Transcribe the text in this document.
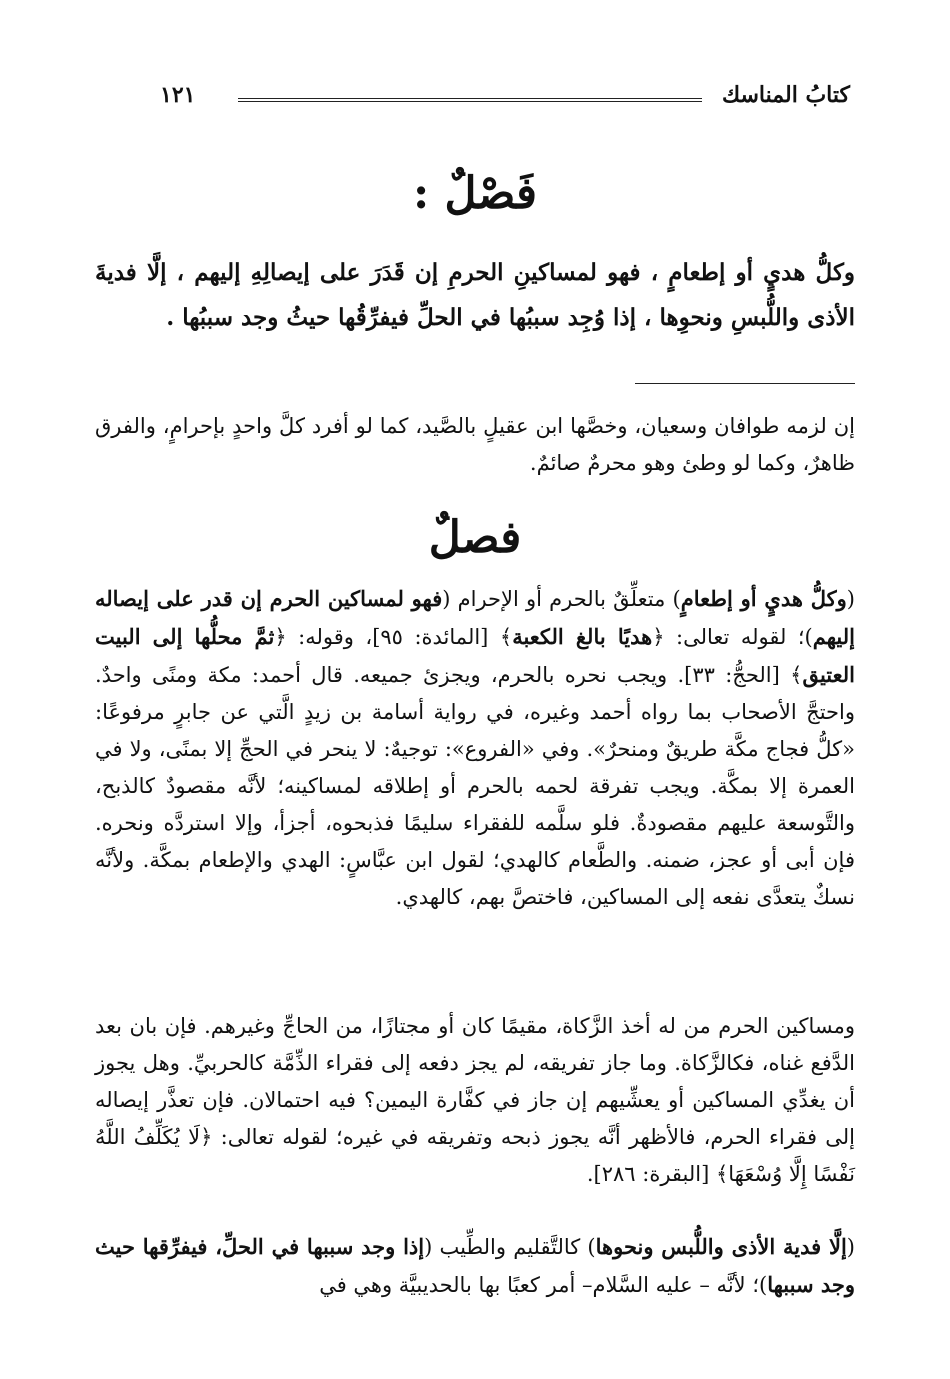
كتابُ المناسك
١٢١
فَصْلٌ :
وكلُّ هديٍ أو إطعامٍ ، فهو لمساكينِ الحرمِ إن قَدَرَ على إيصالِهِ إليهم ، إلَّا فديةَ الأذى واللُّبسِ ونحوِها ، إذا وُجِد سببُها في الحلِّ فيفرِّقُها حيثُ وجد سببُها .
إن لزمه طوافان وسعيان، وخصَّها ابن عقيلٍ بالصَّيد، كما لو أفرد كلَّ واحدٍ بإحرامٍ، والفرق ظاهرٌ، وكما لو وطئ وهو محرمٌ صائمٌ.
فصلٌ
(وكلُّ هديٍ أو إطعامٍ) متعلِّقٌ بالحرم أو الإحرام (فهو لمساكين الحرم إن قدر على إيصاله إليهم)؛ لقوله تعالى: ﴿هديًا بالغ الكعبة﴾ [المائدة: ٩٥]، وقوله: ﴿ثمَّ محلُّها إلى البيت العتيق﴾ [الحجُّ: ٣٣]. ويجب نحره بالحرم، ويجزئ جميعه. قال أحمد: مكة ومنًى واحدٌ. واحتجَّ الأصحاب بما رواه أحمد وغيره، في رواية أسامة بن زيدٍ الَّتي عن جابرٍ مرفوعًا: «كلُّ فجاج مكَّة طريقٌ ومنحرٌ». وفي «الفروع»: توجيهٌ: لا ينحر في الحجِّ إلا بمنًى، ولا في العمرة إلا بمكَّة. ويجب تفرقة لحمه بالحرم أو إطلاقه لمساكينه؛ لأنَّه مقصودٌ كالذبح، والتَّوسعة عليهم مقصودةٌ. فلو سلَّمه للفقراء سليمًا فذبحوه، أجزأ، وإلا استردَّه ونحره. فإن أبى أو عجز، ضمنه. والطَّعام كالهدي؛ لقول ابن عبَّاسٍ: الهدي والإطعام بمكَّة. ولأنَّه نسكٌ يتعدَّى نفعه إلى المساكين، فاختصَّ بهم، كالهدي.
ومساكين الحرم من له أخذ الزَّكاة، مقيمًا كان أو مجتازًا، من الحاجِّ وغيرهم. فإن بان بعد الدَّفع غناه، فكالزَّكاة. وما جاز تفريقه، لم يجز دفعه إلى فقراء الذِّمَّة كالحربيِّ. وهل يجوز أن يغدِّي المساكين أو يعشِّيهم إن جاز في كفَّارة اليمين؟ فيه احتمالان. فإن تعذَّر إيصاله إلى فقراء الحرم، فالأظهر أنَّه يجوز ذبحه وتفريقه في غيره؛ لقوله تعالى: ﴿لَا يُكَلِّفُ اللَّهُ نَفْسًا إِلَّا وُسْعَهَا﴾ [البقرة: ٢٨٦].
(إلَّا فدية الأذى واللُّبس ونحوها) كالتَّقليم والطِّيب (إذا وجد سببها في الحلِّ، فيفرِّقها حيث وجد سببها)؛ لأنَّه – عليه السَّلام– أمر كعبًا بها بالحديبيَّة وهي في
